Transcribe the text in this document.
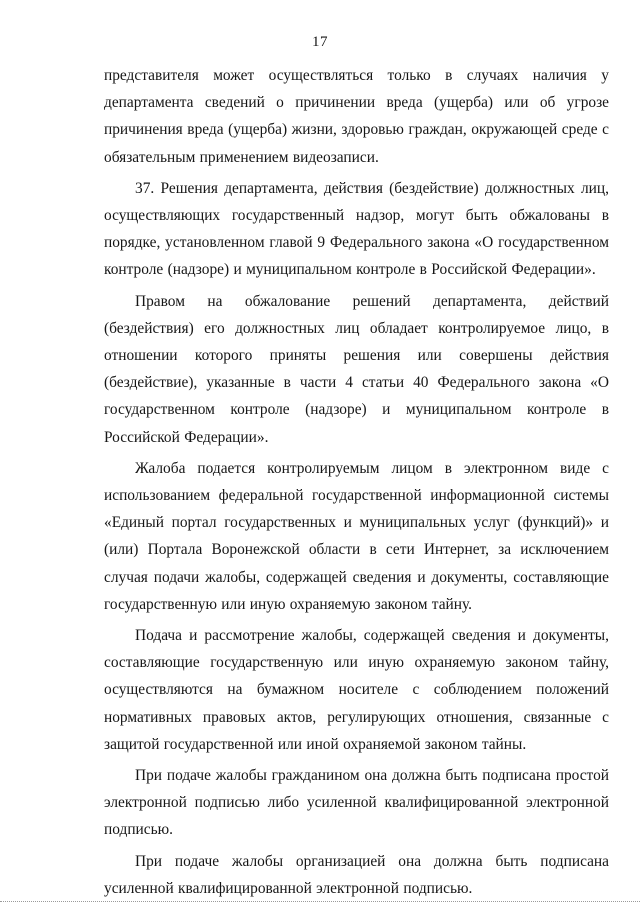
17

представителя может осуществляться только в случаях наличия у департамента сведений о причинении вреда (ущерба) или об угрозе причинения вреда (ущерба) жизни, здоровью граждан, окружающей среде с обязательным применением видеозаписи.

37. Решения департамента, действия (бездействие) должностных лиц, осуществляющих государственный надзор, могут быть обжалованы в порядке, установленном главой 9 Федерального закона «О государственном контроле (надзоре) и муниципальном контроле в Российской Федерации».

Правом на обжалование решений департамента, действий (бездействия) его должностных лиц обладает контролируемое лицо, в отношении которого приняты решения или совершены действия (бездействие), указанные в части 4 статьи 40 Федерального закона «О государственном контроле (надзоре) и муниципальном контроле в Российской Федерации».

Жалоба подается контролируемым лицом в электронном виде с использованием федеральной государственной информационной системы «Единый портал государственных и муниципальных услуг (функций)» и (или) Портала Воронежской области в сети Интернет, за исключением случая подачи жалобы, содержащей сведения и документы, составляющие государственную или иную охраняемую законом тайну.

Подача и рассмотрение жалобы, содержащей сведения и документы, составляющие государственную или иную охраняемую законом тайну, осуществляются на бумажном носителе с соблюдением положений нормативных правовых актов, регулирующих отношения, связанные с защитой государственной или иной охраняемой законом тайны.

При подаче жалобы гражданином она должна быть подписана простой электронной подписью либо усиленной квалифицированной электронной подписью.

При подаче жалобы организацией она должна быть подписана усиленной квалифицированной электронной подписью.
